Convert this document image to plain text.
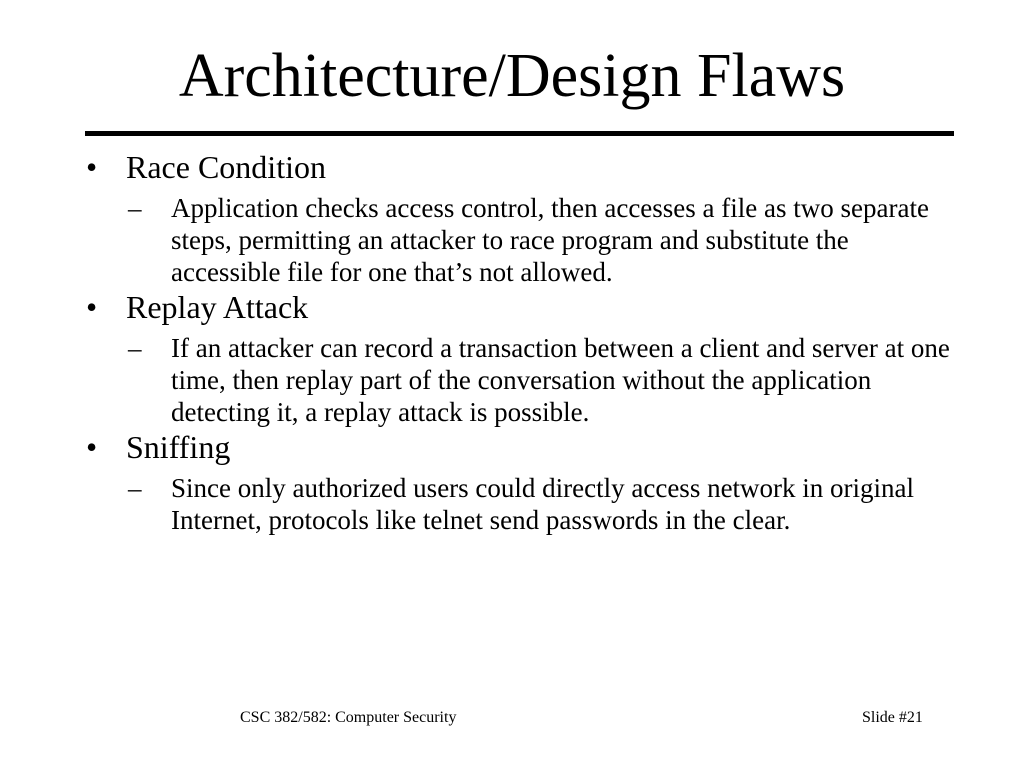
Architecture/Design Flaws
• Race Condition
– Application checks access control, then accesses a file as two separate steps, permitting an attacker to race program and substitute the accessible file for one that’s not allowed.
• Replay Attack
– If an attacker can record a transaction between a client and server at one time, then replay part of the conversation without the application detecting it, a replay attack is possible.
• Sniffing
– Since only authorized users could directly access network in original Internet, protocols like telnet send passwords in the clear.
CSC 382/582: Computer Security	Slide #21
